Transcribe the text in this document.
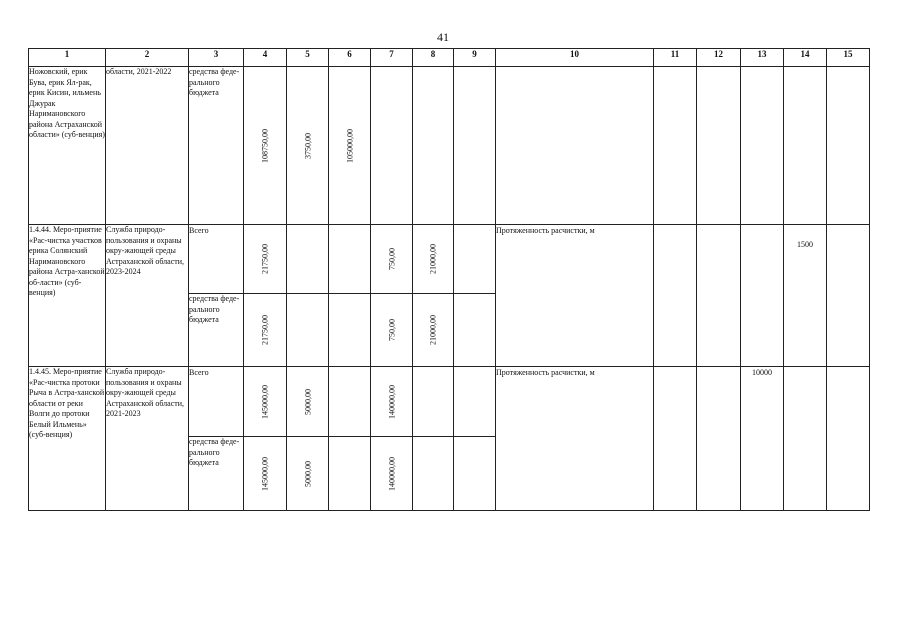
41
1	2	3	4	5	6	7	8	9	10	11	12	13	14	15
Ножовский, ерик Бува, ерик Ял-рак, ерик Кисин, ильмень Джурак Наримановского района Астраханской области» (суб-венция)	области, 2021-2022	средства феде-рального бюджета	108750,00	3750,00	105000,00									

1.4.44. Меро-приятие «Рас-чистка участков ерика Солянский Наримановского района Астра-ханской об-ласти» (суб-венция)	Служба природо-пользования и охраны окру-жающей среды Астраханской области, 2023-2024	Всего	21750,00			750,00	21000,00		Протяженность расчистки, м				1500	
		средства феде-рального бюджета	21750,00			750,00	21000,00							

1.4.45. Меро-приятие «Рас-чистка протоки Рыча в Астра-ханской области от реки Волги до протоки Белый Ильмень» (суб-венция)	Служба природо-пользования и охраны окру-жающей среды Астраханской области, 2021-2023	Всего	145000,00	5000,00		140000,00			Протяженность расчистки, м			10000		
		средства феде-рального бюджета	145000,00	5000,00		140000,00								
